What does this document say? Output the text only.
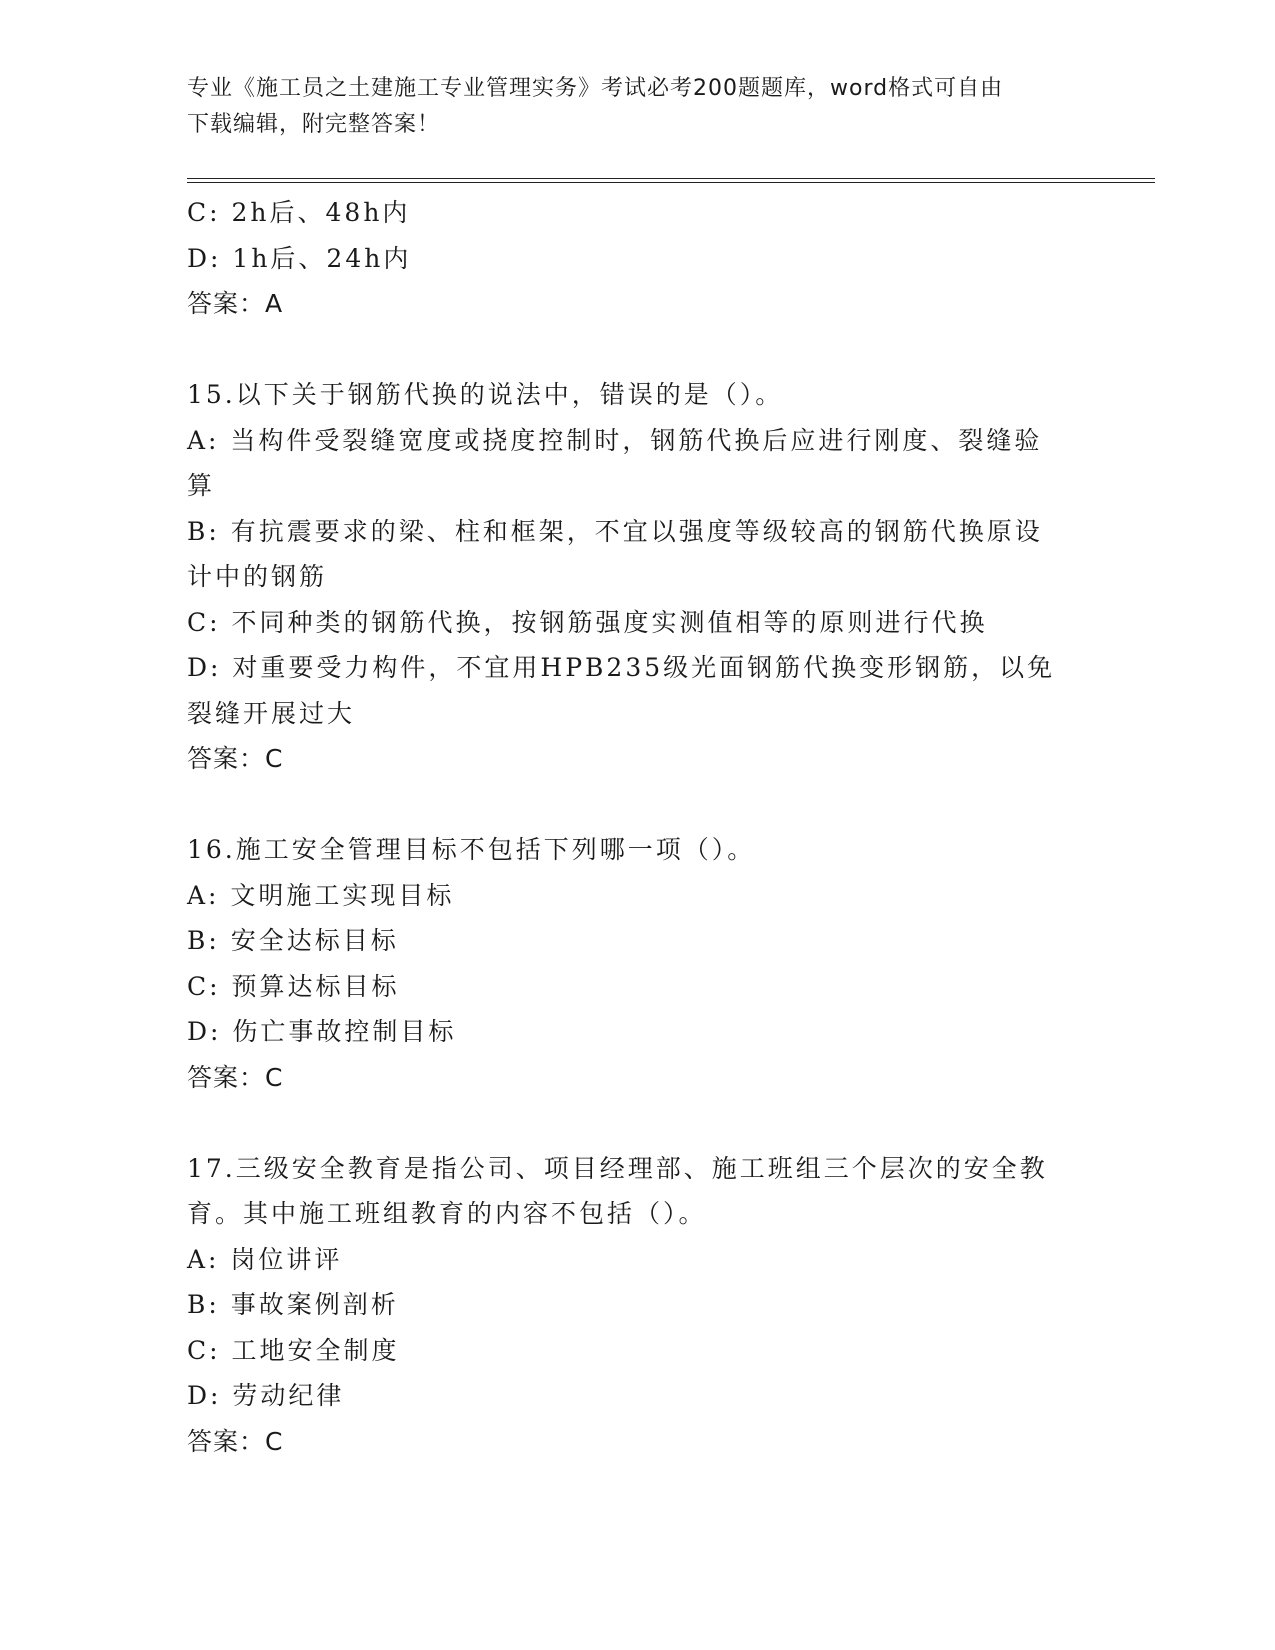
专业《施工员之土建施工专业管理实务》考试必考200题题库，word格式可自由
下载编辑，附完整答案！
C: 2h后、48h内
D: 1h后、24h内
答案：A
15.以下关于钢筋代换的说法中，错误的是（）。
A: 当构件受裂缝宽度或挠度控制时，钢筋代换后应进行刚度、裂缝验
算
B: 有抗震要求的梁、柱和框架，不宜以强度等级较高的钢筋代换原设
计中的钢筋
C: 不同种类的钢筋代换，按钢筋强度实测值相等的原则进行代换
D: 对重要受力构件，不宜用HPB235级光面钢筋代换变形钢筋，以免
裂缝开展过大
答案：C
16.施工安全管理目标不包括下列哪一项（）。
A: 文明施工实现目标
B: 安全达标目标
C: 预算达标目标
D: 伤亡事故控制目标
答案：C
17.三级安全教育是指公司、项目经理部、施工班组三个层次的安全教
育。其中施工班组教育的内容不包括（）。
A: 岗位讲评
B: 事故案例剖析
C: 工地安全制度
D: 劳动纪律
答案：C
